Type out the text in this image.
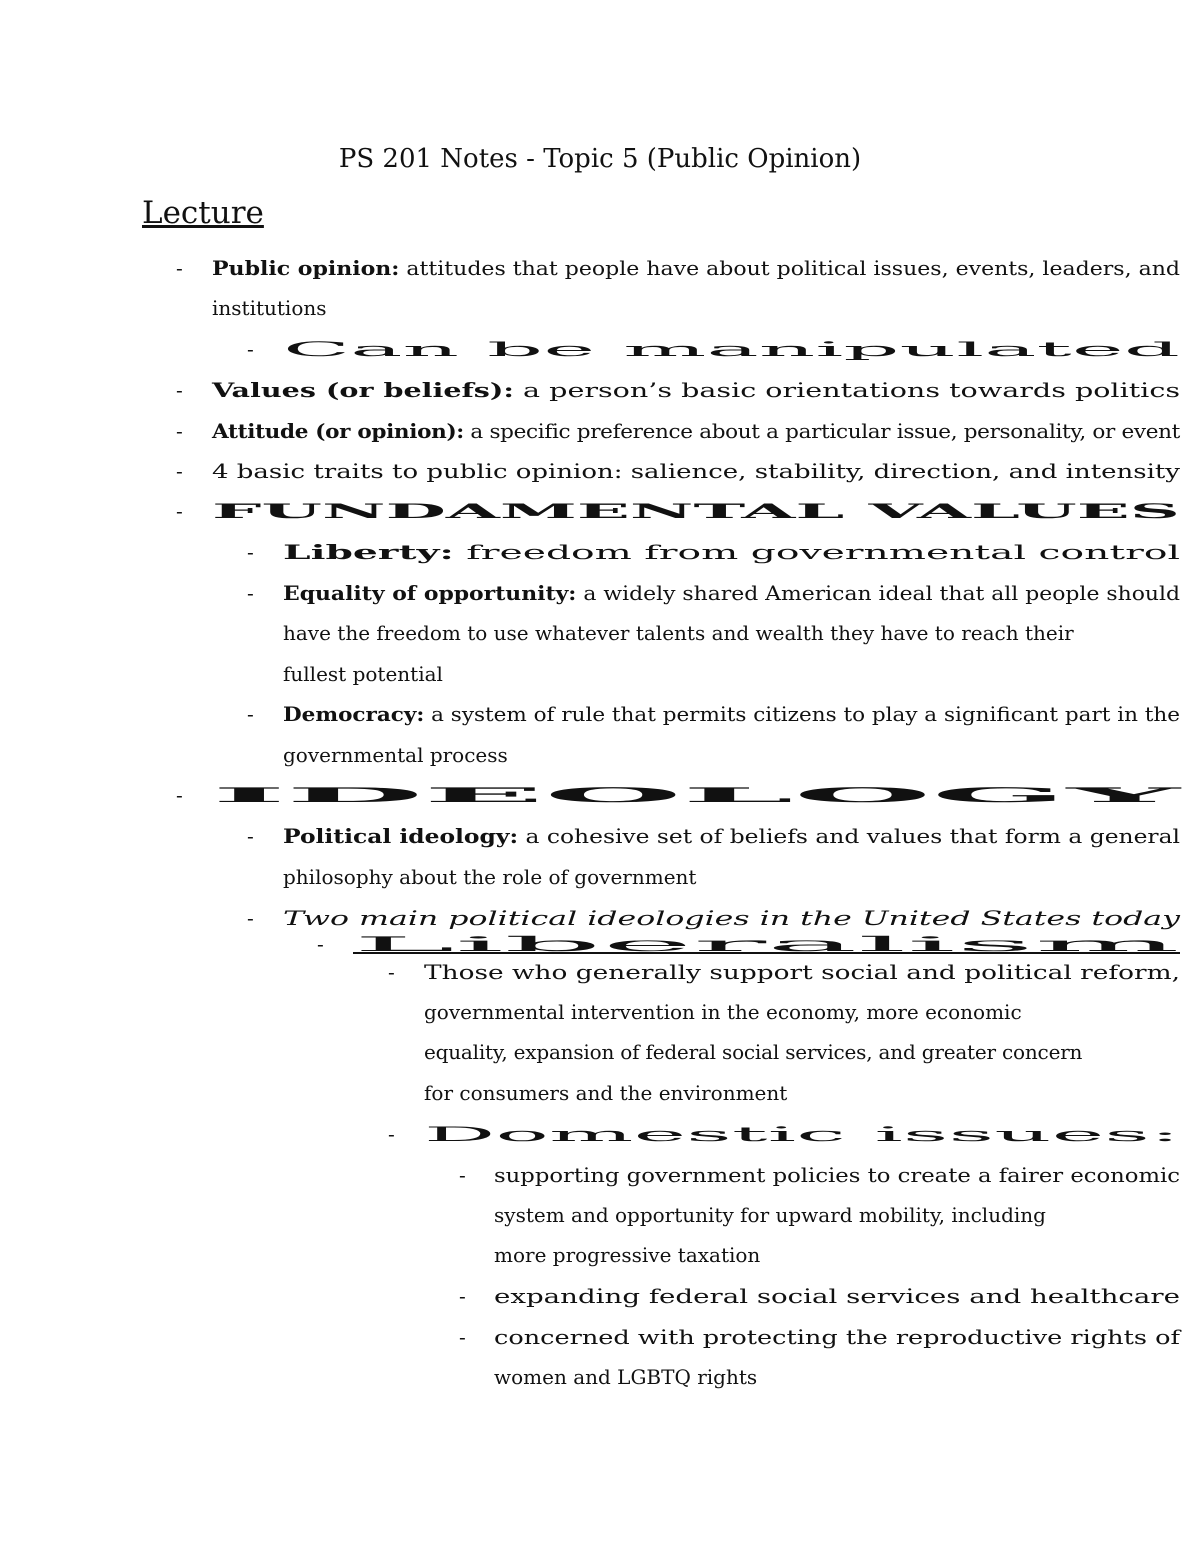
PS 201 Notes - Topic 5 (Public Opinion)
Lecture
- Public opinion: attitudes that people have about political issues, events, leaders, and
institutions
- Can be manipulated
- Values (or beliefs): a person’s basic orientations towards politics
- Attitude (or opinion): a specific preference about a particular issue, personality, or event
- 4 basic traits to public opinion: salience, stability, direction, and intensity
- FUNDAMENTAL VALUES
- Liberty: freedom from governmental control
- Equality of opportunity: a widely shared American ideal that all people should
have the freedom to use whatever talents and wealth they have to reach their
fullest potential
- Democracy: a system of rule that permits citizens to play a significant part in the
governmental process
- IDEOLOGY
- Political ideology: a cohesive set of beliefs and values that form a general
philosophy about the role of government
- Two main political ideologies in the United States today
- Liberalism
- Those who generally support social and political reform,
governmental intervention in the economy, more economic
equality, expansion of federal social services, and greater concern
for consumers and the environment
- Domestic issues:
- supporting government policies to create a fairer economic
system and opportunity for upward mobility, including
more progressive taxation
- expanding federal social services and healthcare
- concerned with protecting the reproductive rights of
women and LGBTQ rights
